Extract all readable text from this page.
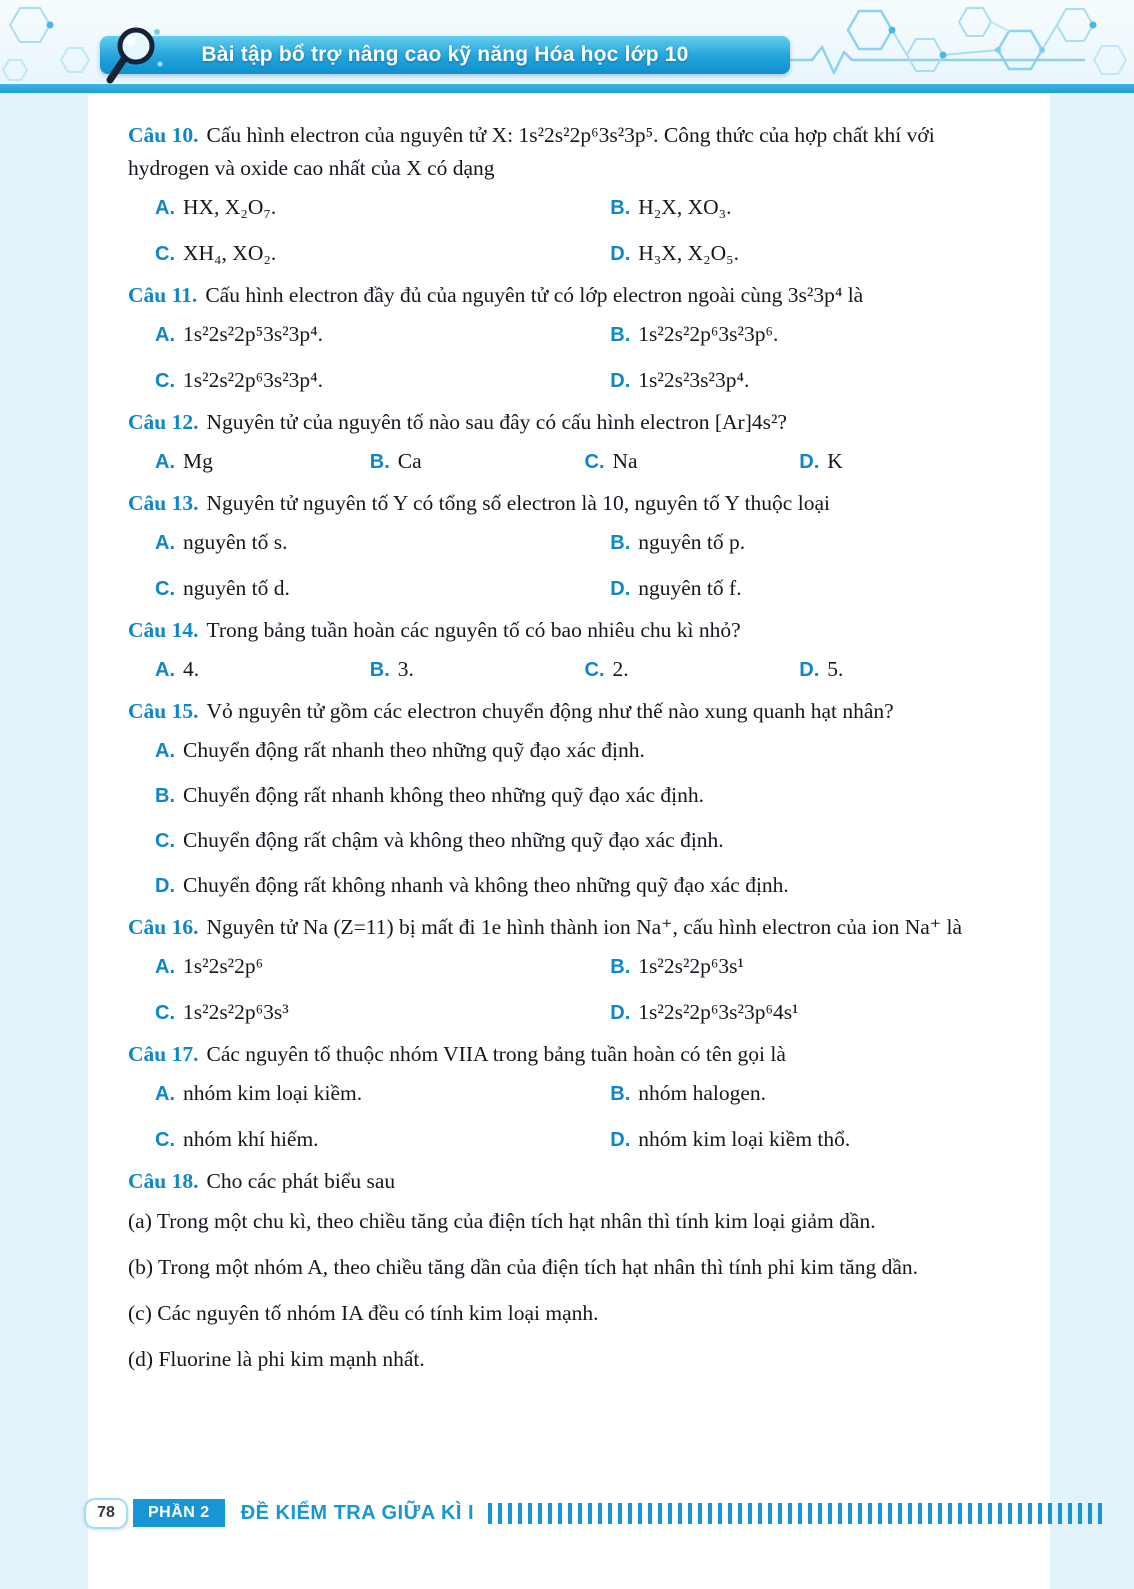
Bài tập bổ trợ nâng cao kỹ năng Hóa học lớp 10

Câu 10. Cấu hình electron của nguyên tử X: 1s²2s²2p⁶3s²3p⁵. Công thức của hợp chất khí với hydrogen và oxide cao nhất của X có dạng

A. HX, X₂O₇.	B. H₂X, XO₃.
C. XH₄, XO₂.	D. H₃X, X₂O₅.

Câu 11. Cấu hình electron đầy đủ của nguyên tử có lớp electron ngoài cùng 3s²3p⁴ là

A. 1s²2s²2p⁵3s²3p⁴.	B. 1s²2s²2p⁶3s²3p⁶.
C. 1s²2s²2p⁶3s²3p⁴.	D. 1s²2s²3s²3p⁴.

Câu 12. Nguyên tử của nguyên tố nào sau đây có cấu hình electron [Ar]4s²?

A. Mg	B. Ca	C. Na	D. K

Câu 13. Nguyên tử nguyên tố Y có tổng số electron là 10, nguyên tố Y thuộc loại

A. nguyên tố s.	B. nguyên tố p.
C. nguyên tố d.	D. nguyên tố f.

Câu 14. Trong bảng tuần hoàn các nguyên tố có bao nhiêu chu kì nhỏ?

A. 4.	B. 3.	C. 2.	D. 5.

Câu 15. Vỏ nguyên tử gồm các electron chuyển động như thế nào xung quanh hạt nhân?

A. Chuyển động rất nhanh theo những quỹ đạo xác định.
B. Chuyển động rất nhanh không theo những quỹ đạo xác định.
C. Chuyển động rất chậm và không theo những quỹ đạo xác định.
D. Chuyển động rất không nhanh và không theo những quỹ đạo xác định.

Câu 16. Nguyên tử Na (Z=11) bị mất đi 1e hình thành ion Na⁺, cấu hình electron của ion Na⁺ là

A. 1s²2s²2p⁶	B. 1s²2s²2p⁶3s¹
C. 1s²2s²2p⁶3s³	D. 1s²2s²2p⁶3s²3p⁶4s¹

Câu 17. Các nguyên tố thuộc nhóm VIIA trong bảng tuần hoàn có tên gọi là

A. nhóm kim loại kiềm.	B. nhóm halogen.
C. nhóm khí hiếm.	D. nhóm kim loại kiềm thổ.

Câu 18. Cho các phát biểu sau

(a) Trong một chu kì, theo chiều tăng của điện tích hạt nhân thì tính kim loại giảm dần.

(b) Trong một nhóm A, theo chiều tăng dần của điện tích hạt nhân thì tính phi kim tăng dần.

(c) Các nguyên tố nhóm IA đều có tính kim loại mạnh.

(d) Fluorine là phi kim mạnh nhất.

78	PHẦN 2	ĐỀ KIỂM TRA GIỮA KÌ I
